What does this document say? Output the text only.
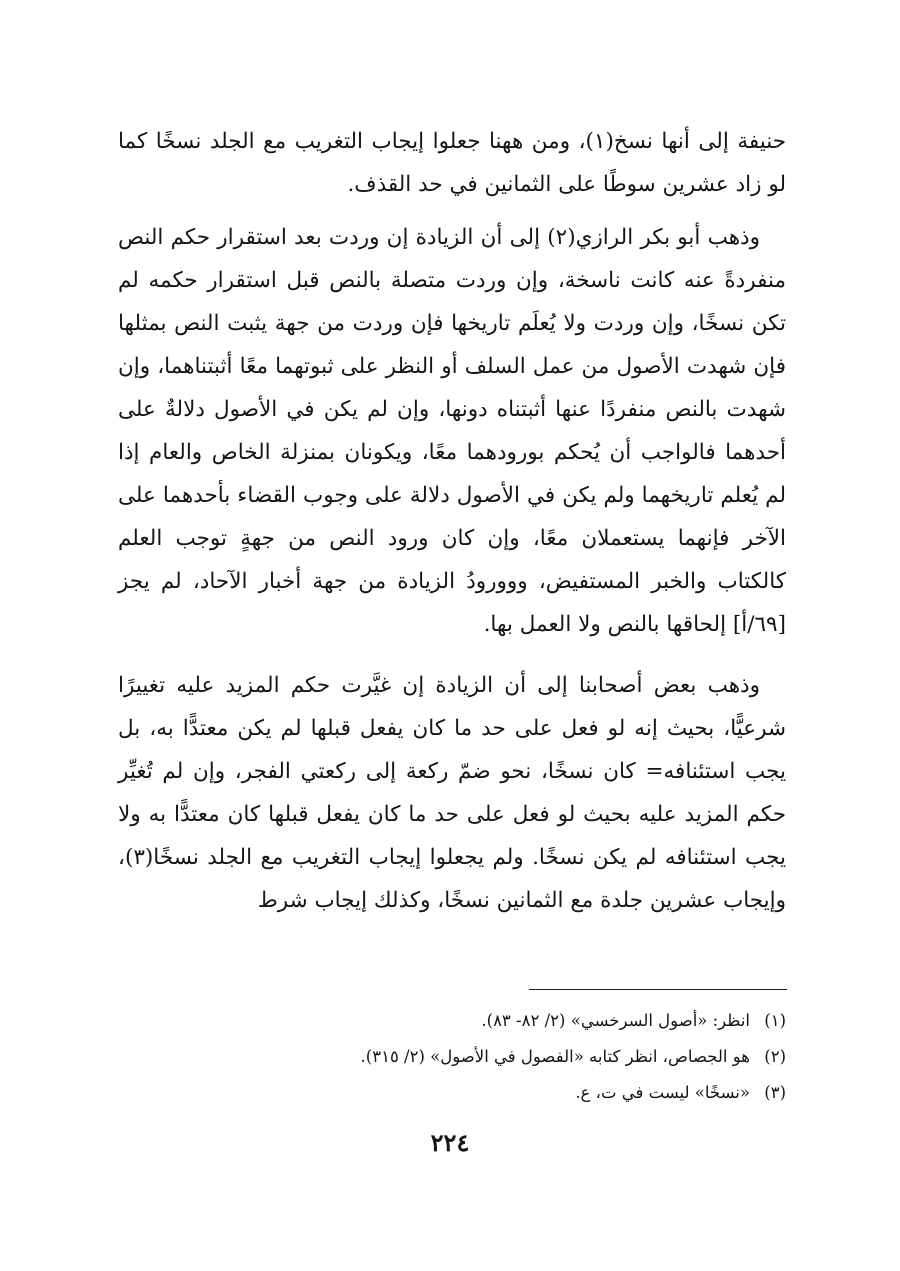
حنيفة إلى أنها نسخ(١)، ومن ههنا جعلوا إيجاب التغريب مع الجلد نسخًا كما لو زاد عشرين سوطًا على الثمانين في حد القذف.

وذهب أبو بكر الرازي(٢) إلى أن الزيادة إن وردت بعد استقرار حكم النص منفردةً عنه كانت ناسخة، وإن وردت متصلة بالنص قبل استقرار حكمه لم تكن نسخًا، وإن وردت ولا يُعلَم تاريخها فإن وردت من جهة يثبت النص بمثلها فإن شهدت الأصول من عمل السلف أو النظر على ثبوتهما معًا أثبتناهما، وإن شهدت بالنص منفردًا عنها أثبتناه دونها، وإن لم يكن في الأصول دلالةٌ على أحدهما فالواجب أن يُحكم بورودهما معًا، ويكونان بمنزلة الخاص والعام إذا لم يُعلم تاريخهما ولم يكن في الأصول دلالة على وجوب القضاء بأحدهما على الآخر فإنهما يستعملان معًا، وإن كان ورود النص من جهةٍ توجب العلم كالكتاب والخبر المستفيض، ووورودُ الزيادة من جهة أخبار الآحاد، لم يجز [٦٩/أ] إلحاقها بالنص ولا العمل بها.

وذهب بعض أصحابنا إلى أن الزيادة إن غيَّرت حكم المزيد عليه تغييرًا شرعيًّا، بحيث إنه لو فعل على حد ما كان يفعل قبلها لم يكن معتدًّا به، بل يجب استئنافه= كان نسخًا، نحو ضمّ ركعة إلى ركعتي الفجر، وإن لم تُغيِّر حكم المزيد عليه بحيث لو فعل على حد ما كان يفعل قبلها كان معتدًّا به ولا يجب استئنافه لم يكن نسخًا. ولم يجعلوا إيجاب التغريب مع الجلد نسخًا(٣)، وإيجاب عشرين جلدة مع الثمانين نسخًا، وكذلك إيجاب شرط

(١)انظر: «أصول السرخسي» (٢/ ٨٢- ٨٣).
(٢)هو الجصاص، انظر كتابه «الفصول في الأصول» (٢/ ٣١٥).
(٣)«نسخًا» ليست في ت، ع.
٢٢٤
